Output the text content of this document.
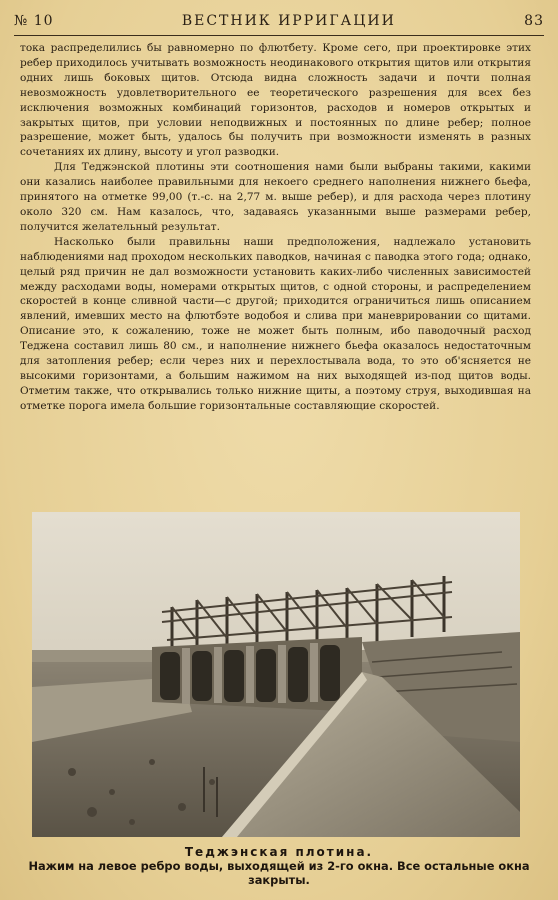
№ 10	ВЕСТНИК ИРРИГАЦИИ	83

тока распределились бы равномерно по флютбету. Кроме сего, при проектировке этих ребер приходилось учитывать возможность неодинакового открытия щитов или открытия одних лишь боковых щитов. Отсюда видна сложность задачи и почти полная невозможность удовлетворительного ее теоретического разрешения для всех без исключения возможных комбинаций горизонтов, расходов и номеров открытых и закрытых щитов, при условии неподвижных и постоянных по длине ребер; полное разрешение, может быть, удалось бы получить при возможности изменять в разных сочетаниях их длину, высоту и угол разводки.

Для Теджэнской плотины эти соотношения нами были выбраны такими, какими они казались наиболее правильными для некоего среднего наполнения нижнего бьефа, принятого на отметке 99,00 (т.-с. на 2,77 м. выше ребер), и для расхода через плотину около 320 см. Нам казалось, что, задаваясь указанными выше размерами ребер, получится желательный результат.

Насколько были правильны наши предположения, надлежало установить наблюдениями над проходом нескольких паводков, начиная с паводка этого года; однако, целый ряд причин не дал возможности установить каких-либо численных зависимостей между расходами воды, номерами открытых щитов, с одной стороны, и распределением скоростей в конце сливной части—с другой; приходится ограничиться лишь описанием явлений, имевших место на флютбэте водобоя и слива при маневрировании со щитами. Описание это, к сожалению, тоже не может быть полным, ибо паводочный расход Теджена составил лишь 80 см., и наполнение нижнего бьефа оказалось недостаточным для затопления ребер; если через них и перехлостывала вода, то это об'ясняется не высокими горизонтами, а большим нажимом на них выходящей из-под щитов воды. Отметим также, что открывались только нижние щиты, а поэтому струя, выходившая на отметке порога имела большие горизонтальные составляющие скоростей.

Теджэнская плотина.
Нажим на левое ребро воды, выходящей из 2-го окна. Все остальные окна закрыты.
